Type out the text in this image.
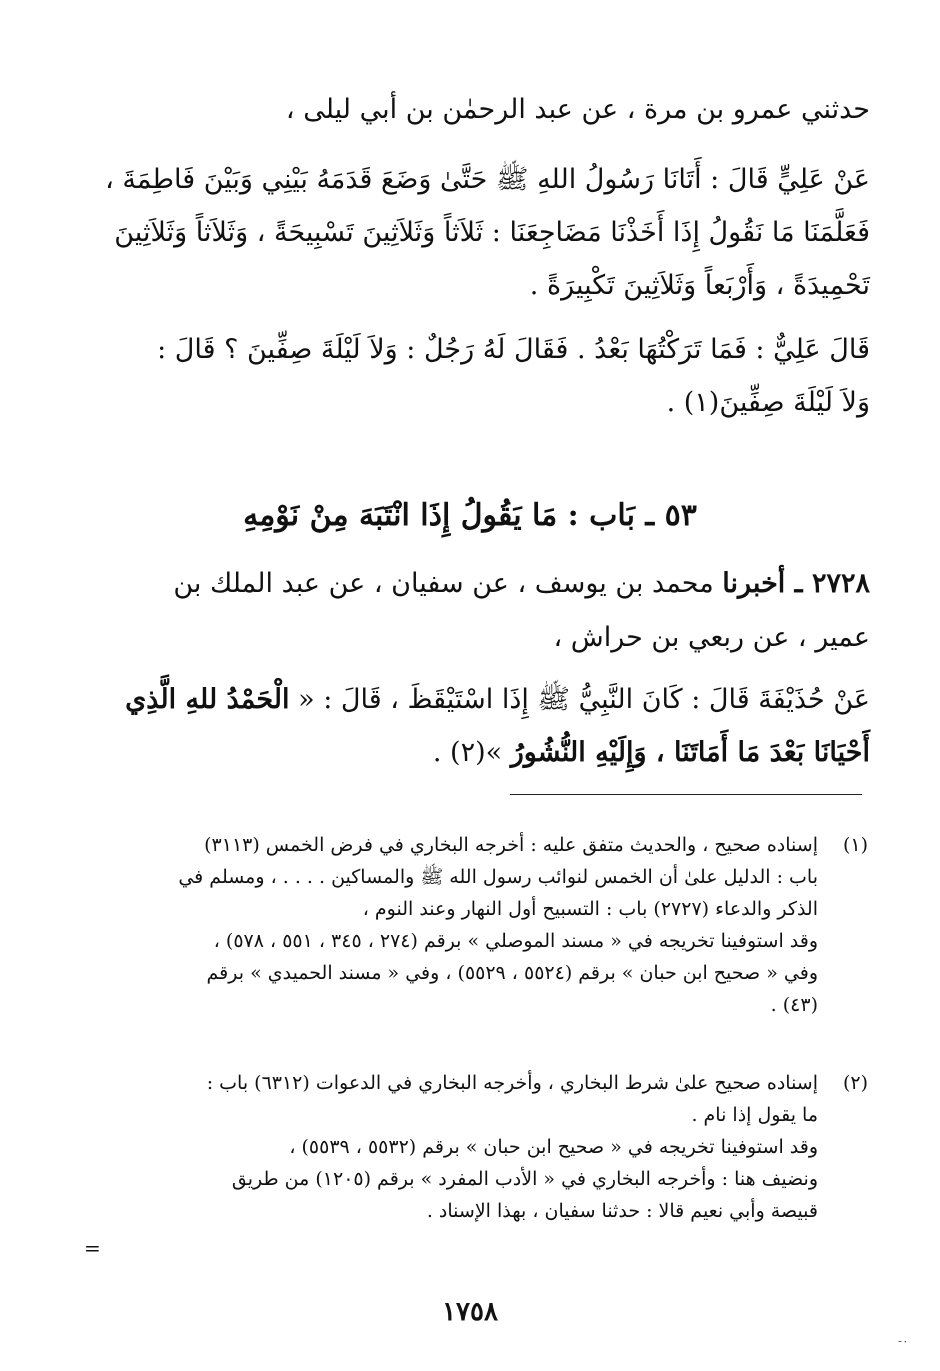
حدثني عمرو بن مرة ، عن عبد الرحمٰن بن أبي ليلى ،
عَنْ عَلِيٍّ قَالَ : أَتَانَا رَسُولُ اللهِ ﷺ حَتَّىٰ وَضَعَ قَدَمَهُ بَيْنِي وَبَيْنَ فَاطِمَةَ ،
فَعَلَّمَنَا مَا نَقُولُ إِذَا أَخَذْنَا مَضَاجِعَنَا : ثَلاَثاً وَثَلاَثِينَ تَسْبِيحَةً ، وَثَلاَثاً وَثَلاَثِينَ
تَحْمِيدَةً ، وَأَرْبَعاً وَثَلاَثِينَ تَكْبِيرَةً .
قَالَ عَلِيٌّ : فَمَا تَرَكْتُهَا بَعْدُ . فَقَالَ لَهُ رَجُلٌ : وَلاَ لَيْلَةَ صِفِّينَ ؟ قَالَ :
وَلاَ لَيْلَةَ صِفِّينَ(١) .
٥٣ ـ بَاب : مَا يَقُولُ إِذَا انْتَبَهَ مِنْ نَوْمِهِ
٢٧٢٨ ـ أخبرنا محمد بن يوسف ، عن سفيان ، عن عبد الملك بن
عمير ، عن ربعي بن حراش ،
عَنْ حُذَيْفَةَ قَالَ : كَانَ النَّبِيُّ ﷺ إِذَا اسْتَيْقَظَ ، قَالَ : « الْحَمْدُ للهِ الَّذِي
أَحْيَانَا بَعْدَ مَا أَمَاتَنَا ، وَإِلَيْهِ النُّشُورُ »(٢) .
(١)
إسناده صحيح ، والحديث متفق عليه : أخرجه البخاري في فرض الخمس (٣١١٣)
باب : الدليل علىٰ أن الخمس لنوائب رسول الله ﷺ والمساكين . . . . ، ومسلم في
الذكر والدعاء (٢٧٢٧) باب : التسبيح أول النهار وعند النوم ،
وقد استوفينا تخريجه في « مسند الموصلي » برقم (٢٧٤ ، ٣٤٥ ، ٥٥١ ، ٥٧٨) ،
وفي « صحيح ابن حبان » برقم (٥٥٢٤ ، ٥٥٢٩) ، وفي « مسند الحميدي » برقم
(٤٣) .
(٢)
إسناده صحيح علىٰ شرط البخاري ، وأخرجه البخاري في الدعوات (٦٣١٢) باب :
ما يقول إذا نام .
وقد استوفينا تخريجه في « صحيح ابن حبان » برقم (٥٥٣٢ ، ٥٥٣٩) ،
ونضيف هنا : وأخرجه البخاري في « الأدب المفرد » برقم (١٢٠٥) من طريق
قبيصة وأبي نعيم قالا : حدثنا سفيان ، بهذا الإسناد .
=
١٧٥٨
٠-
